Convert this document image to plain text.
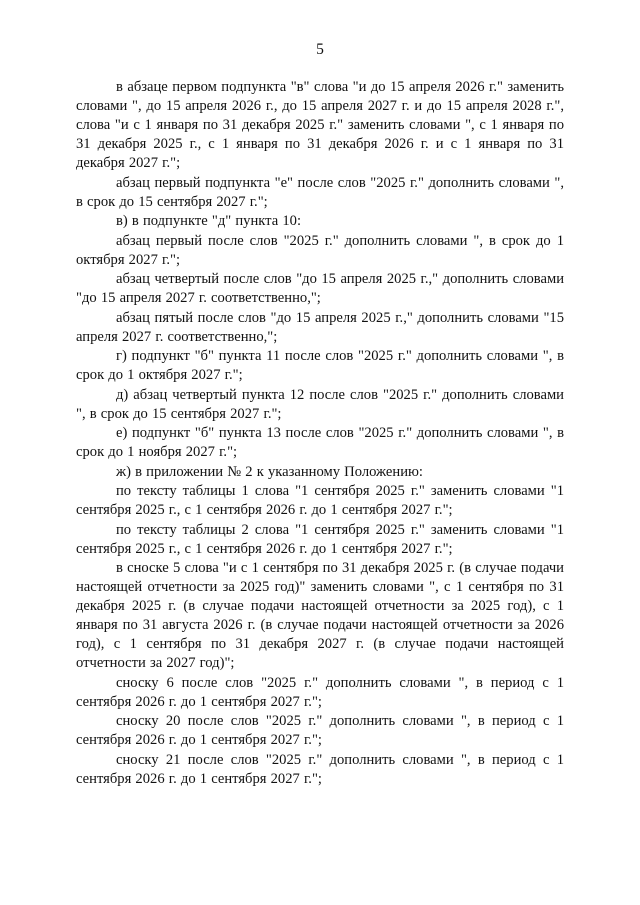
5

в абзаце первом подпункта "в" слова "и до 15 апреля 2026 г." заменить словами ", до 15 апреля 2026 г., до 15 апреля 2027 г. и до 15 апреля 2028 г.", слова "и с 1 января по 31 декабря 2025 г." заменить словами ", с 1 января по 31 декабря 2025 г., с 1 января по 31 декабря 2026 г. и с 1 января по 31 декабря 2027 г.";

абзац первый подпункта "е" после слов "2025 г." дополнить словами ", в срок до 15 сентября 2027 г.";

в) в подпункте "д" пункта 10:

абзац первый после слов "2025 г." дополнить словами ", в срок до 1 октября 2027 г.";

абзац четвертый после слов "до 15 апреля 2025 г.," дополнить словами "до 15 апреля 2027 г. соответственно,";

абзац пятый после слов "до 15 апреля 2025 г.," дополнить словами "15 апреля 2027 г. соответственно,";

г) подпункт "б" пункта 11 после слов "2025 г." дополнить словами ", в срок до 1 октября 2027 г.";

д) абзац четвертый пункта 12 после слов "2025 г." дополнить словами ", в срок до 15 сентября 2027 г.";

е) подпункт "б" пункта 13 после слов "2025 г." дополнить словами ", в срок до 1 ноября 2027 г.";

ж) в приложении № 2 к указанному Положению:

по тексту таблицы 1 слова "1 сентября 2025 г." заменить словами "1 сентября 2025 г., с 1 сентября 2026 г. до 1 сентября 2027 г.";

по тексту таблицы 2 слова "1 сентября 2025 г." заменить словами "1 сентября 2025 г., с 1 сентября 2026 г. до 1 сентября 2027 г.";

в сноске 5 слова "и с 1 сентября по 31 декабря 2025 г. (в случае подачи настоящей отчетности за 2025 год)" заменить словами ", с 1 сентября по 31 декабря 2025 г. (в случае подачи настоящей отчетности за 2025 год), с 1 января по 31 августа 2026 г. (в случае подачи настоящей отчетности за 2026 год), с 1 сентября по 31 декабря 2027 г. (в случае подачи настоящей отчетности за 2027 год)";

сноску 6 после слов "2025 г." дополнить словами ", в период с 1 сентября 2026 г. до 1 сентября 2027 г.";

сноску 20 после слов "2025 г." дополнить словами ", в период с 1 сентября 2026 г. до 1 сентября 2027 г.";

сноску 21 после слов "2025 г." дополнить словами ", в период с 1 сентября 2026 г. до 1 сентября 2027 г.";
